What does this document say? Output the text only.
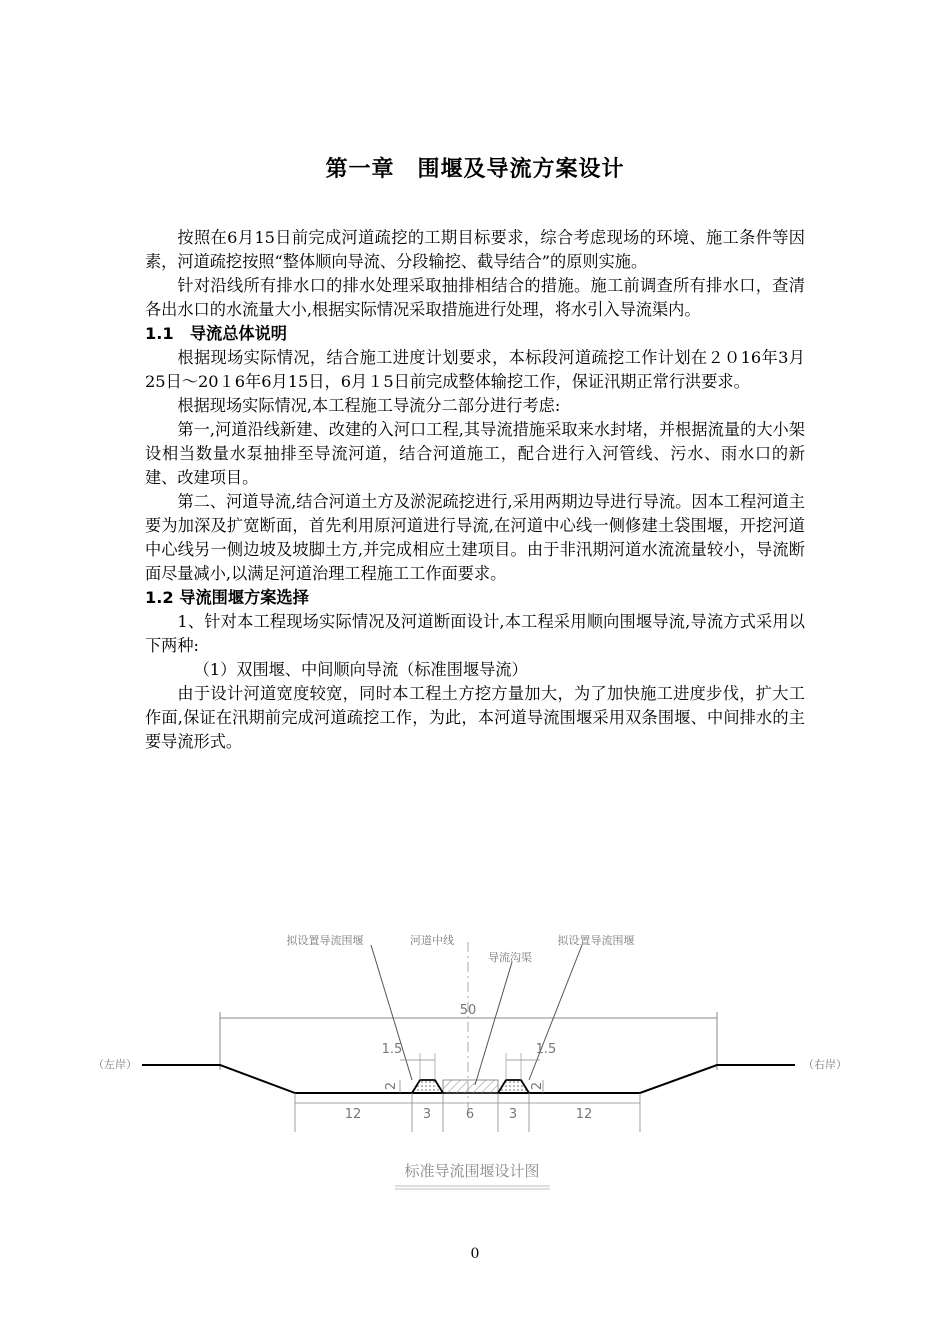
第一章　围堰及导流方案设计

按照在6月15日前完成河道疏挖的工期目标要求，综合考虑现场的环境、施工条件等因素，河道疏挖按照“整体顺向导流、分段输挖、截导结合”的原则实施。

针对沿线所有排水口的排水处理采取抽排相结合的措施。施工前调查所有排水口，查清各出水口的水流量大小,根据实际情况采取措施进行处理，将水引入导流渠内。

1.1　导流总体说明

根据现场实际情况，结合施工进度计划要求，本标段河道疏挖工作计划在２０16年3月25日～20１6年6月15日，6月１5日前完成整体输挖工作，保证汛期正常行洪要求。

根据现场实际情况,本工程施工导流分二部分进行考虑:

第一,河道沿线新建、改建的入河口工程,其导流措施采取来水封堵，并根据流量的大小架设相当数量水泵抽排至导流河道，结合河道施工，配合进行入河管线、污水、雨水口的新建、改建项目。

第二、河道导流,结合河道土方及淤泥疏挖进行,采用两期边导进行导流。因本工程河道主要为加深及扩宽断面，首先利用原河道进行导流,在河道中心线一侧修建土袋围堰，开挖河道中心线另一侧边坡及坡脚土方,并完成相应土建项目。由于非汛期河道水流流量较小，导流断面尽量减小,以满足河道治理工程施工工作面要求。

1.2 导流围堰方案选择

1、针对本工程现场实际情况及河道断面设计,本工程采用顺向围堰导流,导流方式采用以下两种:

（1）双围堰、中间顺向导流（标准围堰导流）

由于设计河道宽度较宽，同时本工程土方挖方量加大，为了加快施工进度步伐，扩大工作面,保证在汛期前完成河道疏挖工作，为此，本河道导流围堰采用双条围堰、中间排水的主要导流形式。

50
拟设置导流围堰	河道中线
导流沟渠
拟设置导流围堰
（左岸）	（右岸）
1.5	1.5
2	2
12	3	6	3	12
标准导流围堰设计图
0
